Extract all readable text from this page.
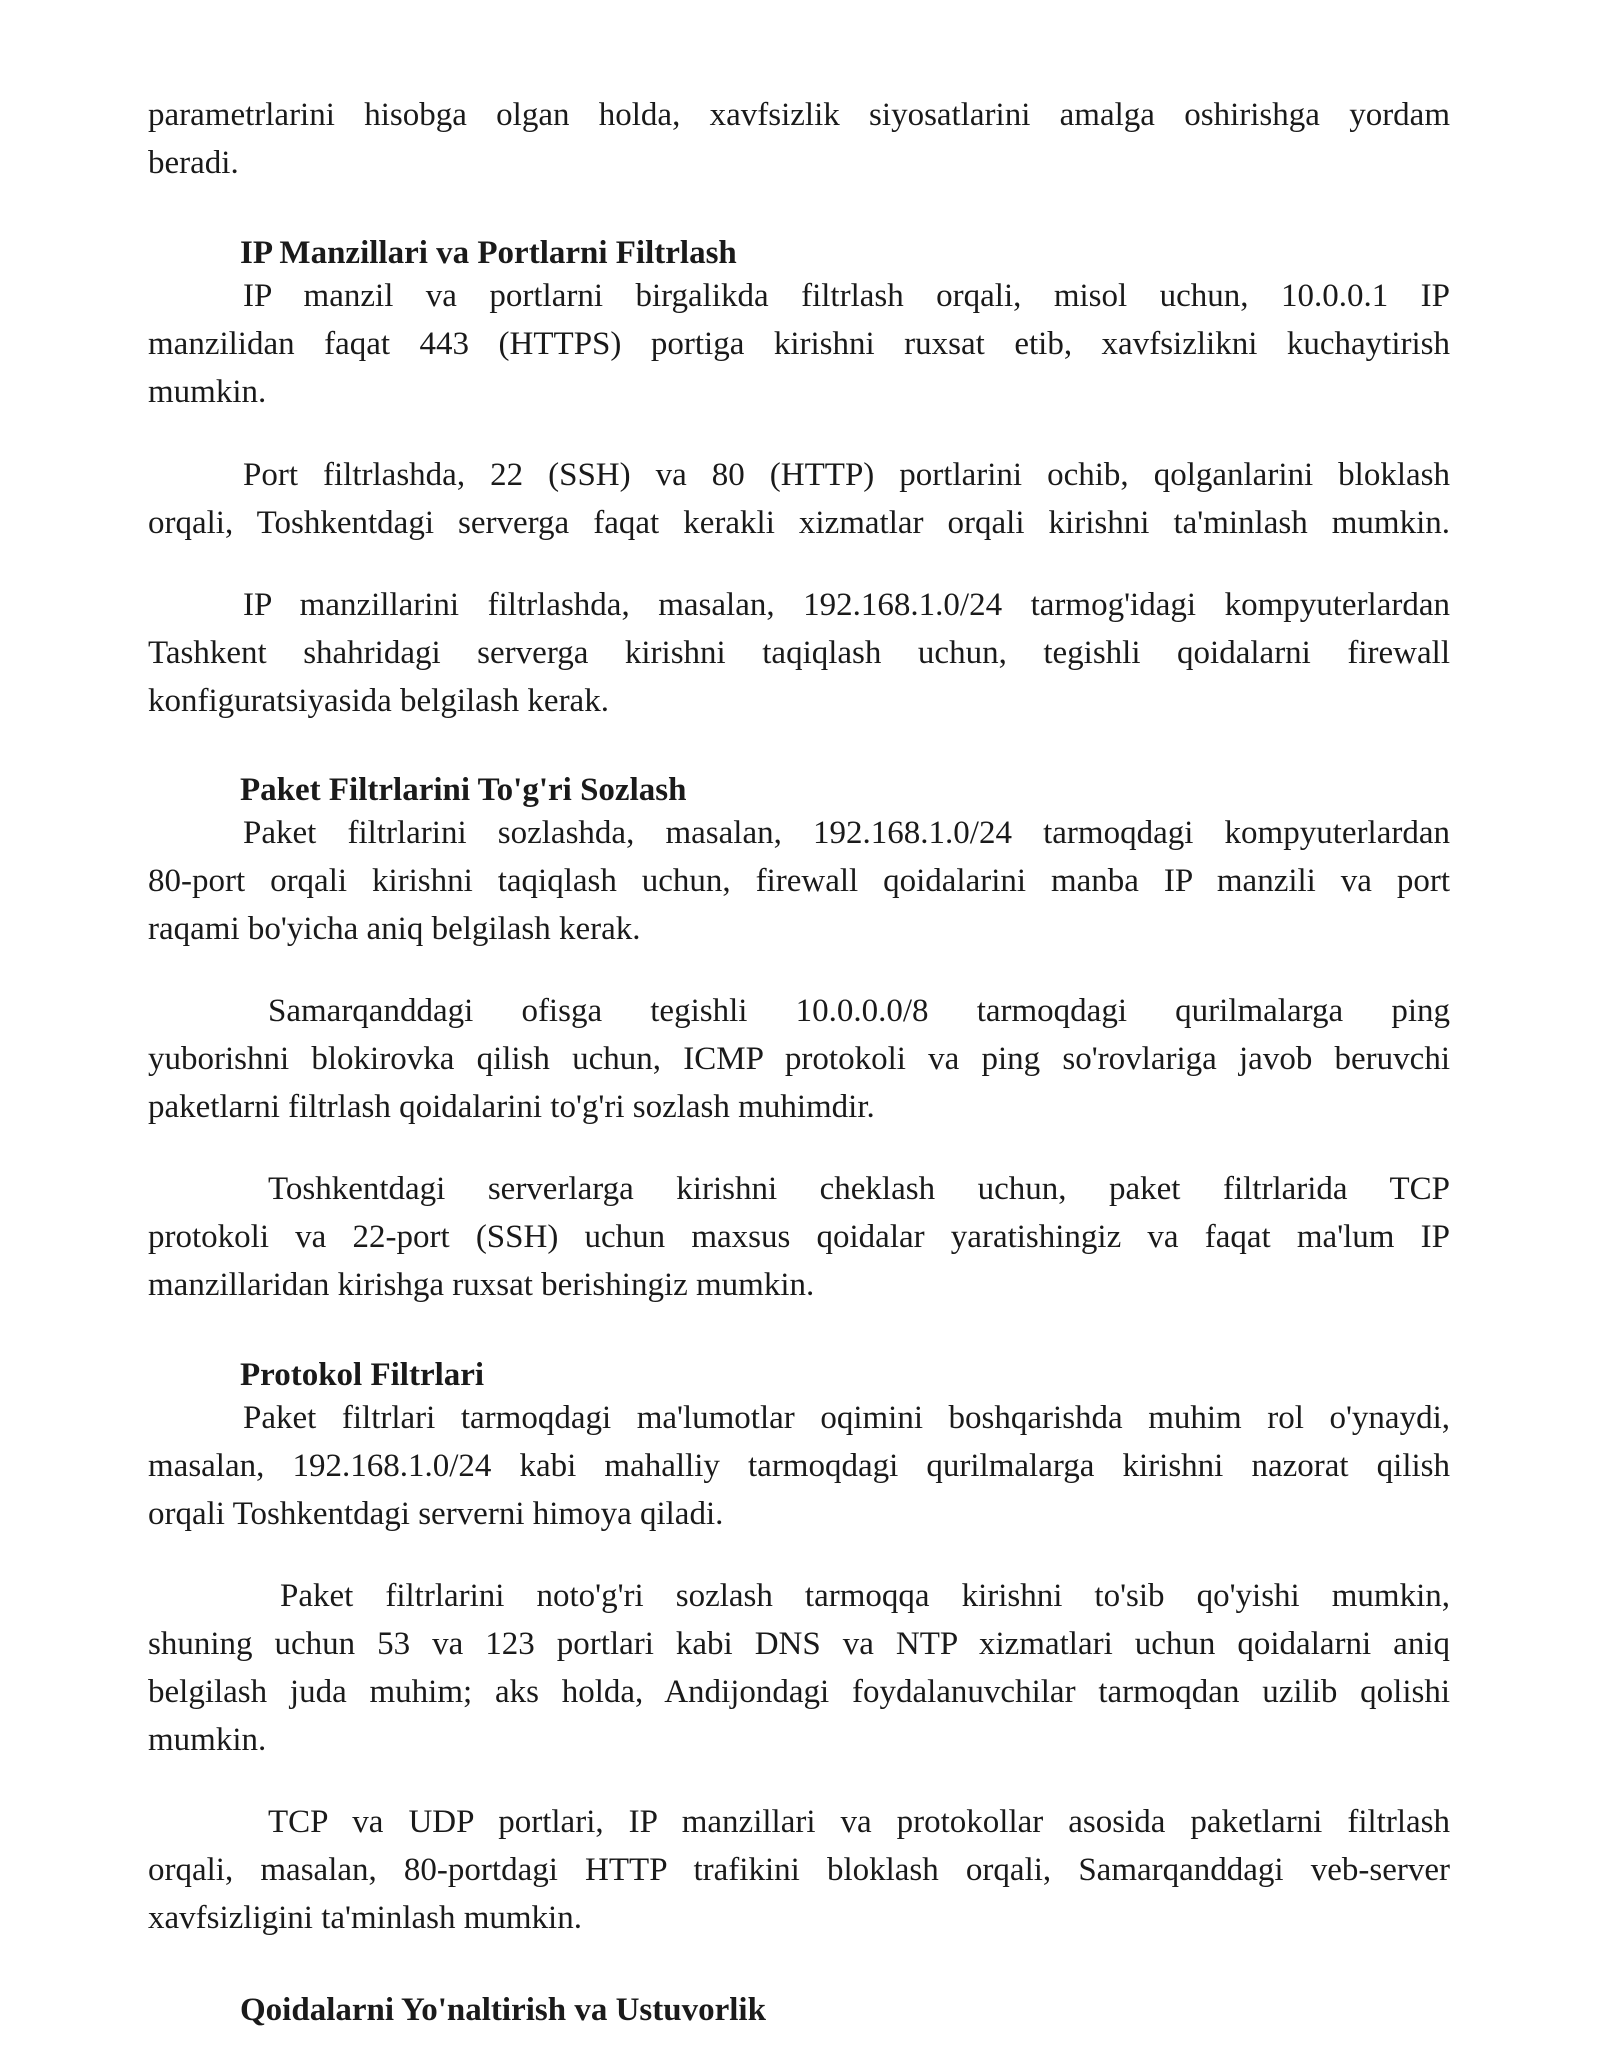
parametrlarini hisobga olgan holda, xavfsizlik siyosatlarini amalga oshirishga yordam
beradi.
IP Manzillari va Portlarni Filtrlash
IP manzil va portlarni birgalikda filtrlash orqali, misol uchun, 10.0.0.1 IP
manzilidan faqat 443 (HTTPS) portiga kirishni ruxsat etib, xavfsizlikni kuchaytirish
mumkin.
Port filtrlashda, 22 (SSH) va 80 (HTTP) portlarini ochib, qolganlarini bloklash
orqali, Toshkentdagi serverga faqat kerakli xizmatlar orqali kirishni ta'minlash mumkin.
IP manzillarini filtrlashda, masalan, 192.168.1.0/24 tarmog'idagi kompyuterlardan
Tashkent shahridagi serverga kirishni taqiqlash uchun, tegishli qoidalarni firewall
konfiguratsiyasida belgilash kerak.
Paket Filtrlarini To'g'ri Sozlash
Paket filtrlarini sozlashda, masalan, 192.168.1.0/24 tarmoqdagi kompyuterlardan
80-port orqali kirishni taqiqlash uchun, firewall qoidalarini manba IP manzili va port
raqami bo'yicha aniq belgilash kerak.
Samarqanddagi ofisga tegishli 10.0.0.0/8 tarmoqdagi qurilmalarga ping
yuborishni blokirovka qilish uchun, ICMP protokoli va ping so'rovlariga javob beruvchi
paketlarni filtrlash qoidalarini to'g'ri sozlash muhimdir.
Toshkentdagi serverlarga kirishni cheklash uchun, paket filtrlarida TCP
protokoli va 22-port (SSH) uchun maxsus qoidalar yaratishingiz va faqat ma'lum IP
manzillaridan kirishga ruxsat berishingiz mumkin.
Protokol Filtrlari
Paket filtrlari tarmoqdagi ma'lumotlar oqimini boshqarishda muhim rol o'ynaydi,
masalan, 192.168.1.0/24 kabi mahalliy tarmoqdagi qurilmalarga kirishni nazorat qilish
orqali Toshkentdagi serverni himoya qiladi.
Paket filtrlarini noto'g'ri sozlash tarmoqqa kirishni to'sib qo'yishi mumkin,
shuning uchun 53 va 123 portlari kabi DNS va NTP xizmatlari uchun qoidalarni aniq
belgilash juda muhim; aks holda, Andijondagi foydalanuvchilar tarmoqdan uzilib qolishi
mumkin.
TCP va UDP portlari, IP manzillari va protokollar asosida paketlarni filtrlash
orqali, masalan, 80-portdagi HTTP trafikini bloklash orqali, Samarqanddagi veb-server
xavfsizligini ta'minlash mumkin.
Qoidalarni Yo'naltirish va Ustuvorlik
